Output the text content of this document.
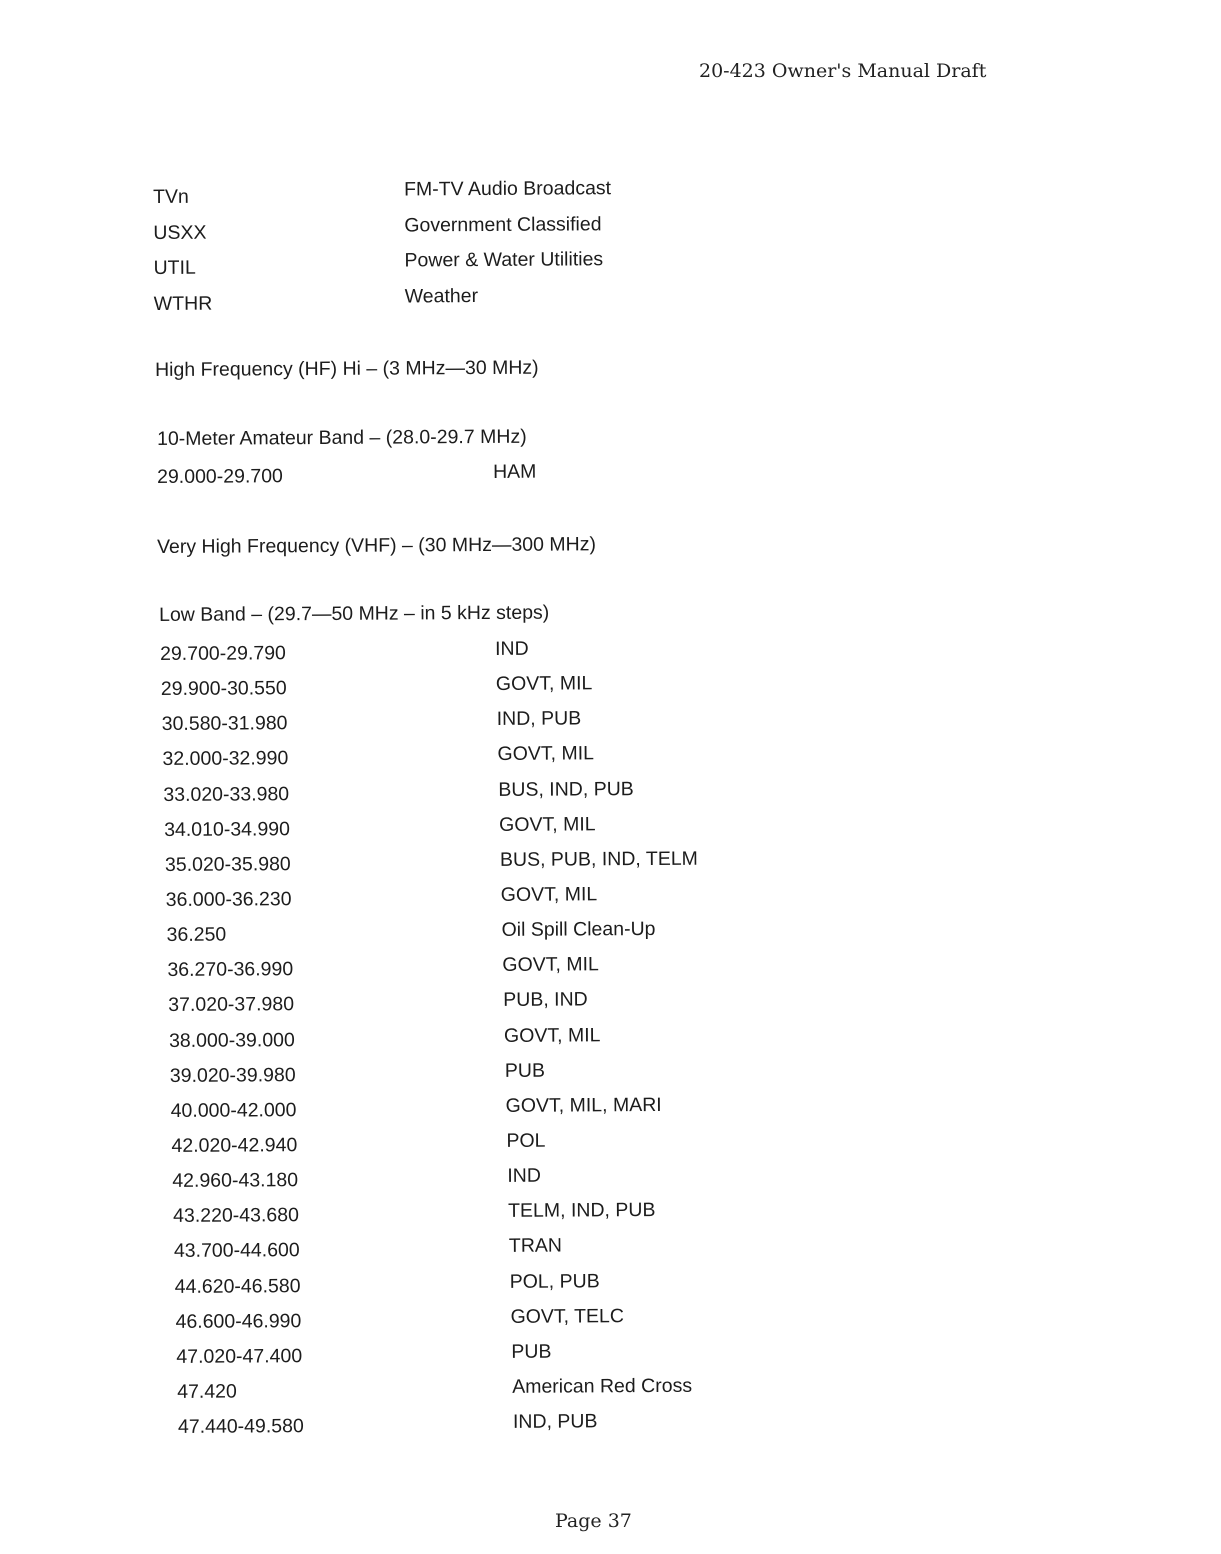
20-423 Owner's Manual Draft
TVn	FM-TV Audio Broadcast
USXX	Government Classified
UTIL	Power & Water Utilities
WTHR	Weather
High Frequency (HF) Hi – (3 MHz—30 MHz)
10-Meter Amateur Band – (28.0-29.7 MHz)
29.000-29.700	HAM
Very High Frequency (VHF) – (30 MHz—300 MHz)
Low Band – (29.7—50 MHz – in 5 kHz steps)
29.700-29.790	IND
29.900-30.550	GOVT, MIL
30.580-31.980	IND, PUB
32.000-32.990	GOVT, MIL
33.020-33.980	BUS, IND, PUB
34.010-34.990	GOVT, MIL
35.020-35.980	BUS, PUB, IND, TELM
36.000-36.230	GOVT, MIL
36.250	Oil Spill Clean-Up
36.270-36.990	GOVT, MIL
37.020-37.980	PUB, IND
38.000-39.000	GOVT, MIL
39.020-39.980	PUB
40.000-42.000	GOVT, MIL, MARI
42.020-42.940	POL
42.960-43.180	IND
43.220-43.680	TELM, IND, PUB
43.700-44.600	TRAN
44.620-46.580	POL, PUB
46.600-46.990	GOVT, TELC
47.020-47.400	PUB
47.420	American Red Cross
47.440-49.580	IND, PUB
Page 37
